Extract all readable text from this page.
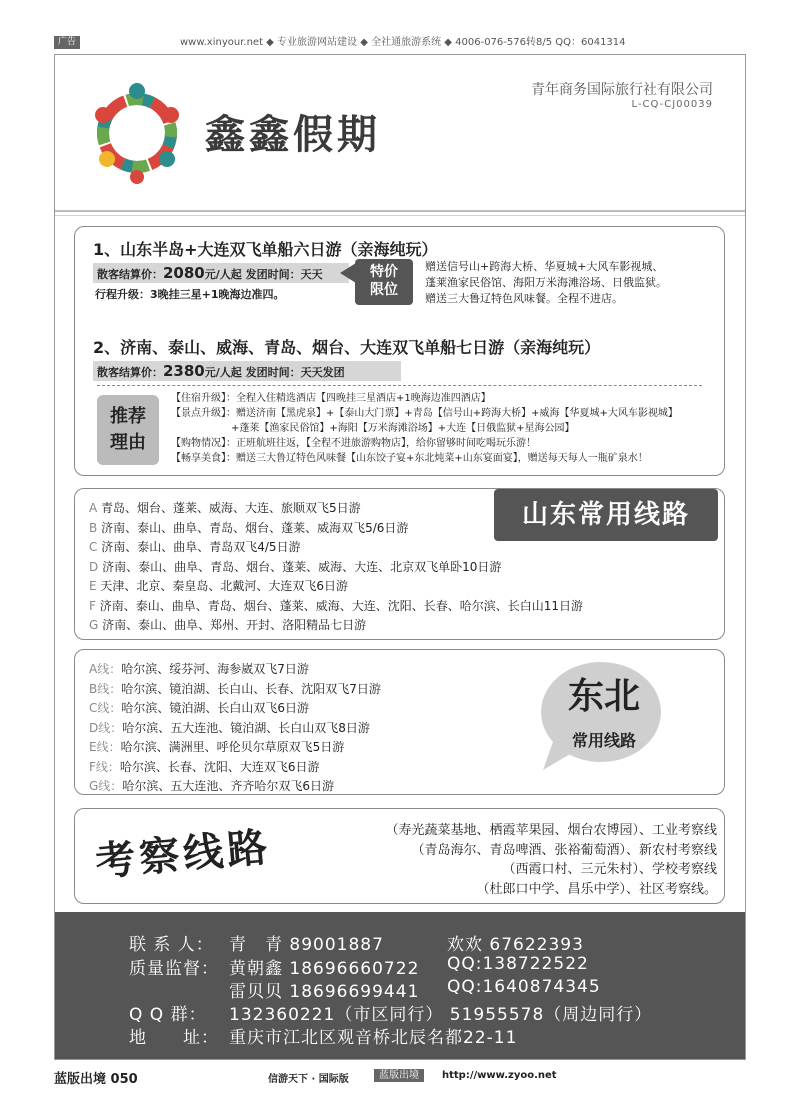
广告	www.xinyour.net ◆ 专业旅游网站建设 ◆ 全社通旅游系统 ◆ 4006-076-576转8/5 QQ：6041314
鑫鑫假期
青年商务国际旅行社有限公司
L-CQ-CJ00039
1、山东半岛+大连双飞单船六日游（亲海纯玩）
散客结算价：2080元/人起 发团时间：天天
行程升级：3晚挂三星+1晚海边准四。
特价
限位
赠送信号山+跨海大桥、华夏城+大风车影视城、
蓬莱渔家民俗馆、海阳万米海滩浴场、日俄监狱。
赠送三大鲁辽特色风味餐。全程不进店。
2、济南、泰山、威海、青岛、烟台、大连双飞单船七日游（亲海纯玩）
散客结算价：2380元/人起 发团时间：天天发团
推荐
理由
【住宿升级】：全程入住精选酒店【四晚挂三星酒店+1晚海边准四酒店】
【景点升级】：赠送济南【黑虎泉】+【泰山大门票】+青岛【信号山+跨海大桥】+威海【华夏城+大风车影视城】
　　　　　　+蓬莱【渔家民俗馆】+海阳【万米海滩浴场】+大连【日俄监狱+星海公园】
【购物情况】：正班航班往返，【全程不进旅游购物店】，给你留够时间吃喝玩乐游！
【畅享美食】：赠送三大鲁辽特色风味餐【山东饺子宴+东北炖菜+山东宴面宴】，赠送每天每人一瓶矿泉水！
A 青岛、烟台、蓬莱、威海、大连、旅顺双飞5日游
B 济南、泰山、曲阜、青岛、烟台、蓬莱、威海双飞5/6日游
C 济南、泰山、曲阜、青岛双飞4/5日游
D 济南、泰山、曲阜、青岛、烟台、蓬莱、威海、大连、北京双飞单卧10日游
E 天津、北京、秦皇岛、北戴河、大连双飞6日游
F 济南、泰山、曲阜、青岛、烟台、蓬莱、威海、大连、沈阳、长春、哈尔滨、长白山11日游
G 济南、泰山、曲阜、郑州、开封、洛阳精品七日游
山东常用线路
A线：哈尔滨、绥芬河、海参崴双飞7日游
B线：哈尔滨、镜泊湖、长白山、长春、沈阳双飞7日游
C线：哈尔滨、镜泊湖、长白山双飞6日游
D线：哈尔滨、五大连池、镜泊湖、长白山双飞8日游
E线：哈尔滨、满洲里、呼伦贝尔草原双飞5日游
F线：哈尔滨、长春、沈阳、大连双飞6日游
G线：哈尔滨、五大连池、齐齐哈尔双飞6日游
东北
常用线路
考察线路	（寿光蔬菜基地、栖霞苹果园、烟台农博园）、工业考察线
（青岛海尔、青岛啤酒、张裕葡萄酒）、新农村考察线
（西霞口村、三元朱村）、学校考察线
（杜郎口中学、昌乐中学）、社区考察线。
联 系 人： 青　青 89001887	欢欢 67622393
质量监督： 黄朝鑫 18696660722 QQ:138722522
雷贝贝 18696699441 QQ:1640874345
Q Q 群： 132360221（市区同行） 51955578（周边同行）
地　　址： 重庆市江北区观音桥北辰名都22-11
蓝版出境 050	信游天下 · 国际版	蓝版出境	http://www.zyoo.net
